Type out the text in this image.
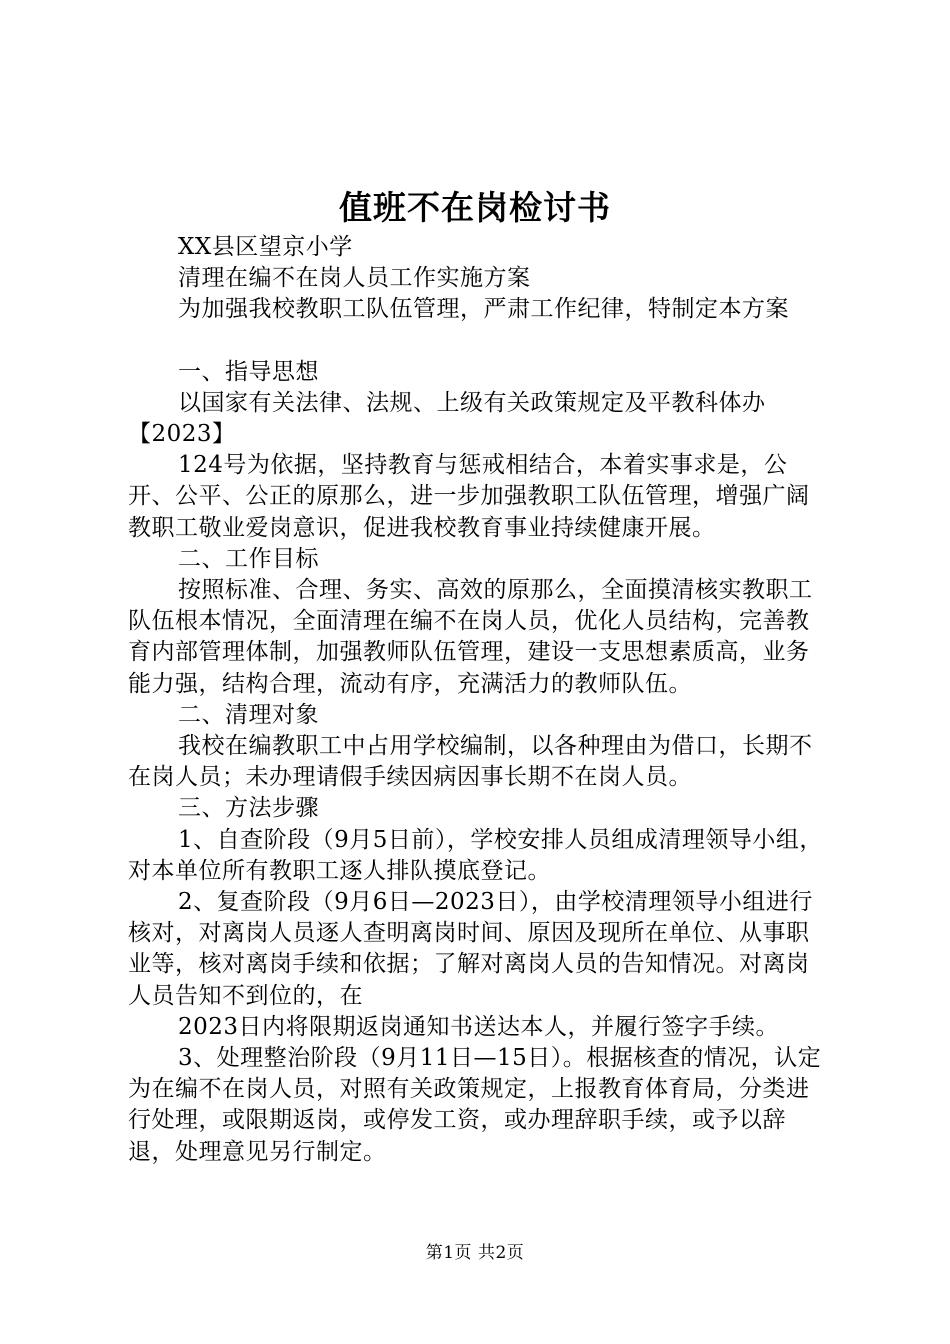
值班不在岗检讨书

XX县区望京小学

清理在编不在岗人员工作实施方案

为加强我校教职工队伍管理，严肃工作纪律，特制定本方案

一、指导思想

以国家有关法律、法规、上级有关政策规定及平教科体办

【2023】

124号为依据，坚持教育与惩戒相结合，本着实事求是，公开、公平、公正的原那么，进一步加强教职工队伍管理，增强广阔教职工敬业爱岗意识，促进我校教育事业持续健康开展。

二、工作目标

按照标准、合理、务实、高效的原那么，全面摸清核实教职工队伍根本情况，全面清理在编不在岗人员，优化人员结构，完善教育内部管理体制，加强教师队伍管理，建设一支思想素质高，业务能力强，结构合理，流动有序，充满活力的教师队伍。

二、清理对象

我校在编教职工中占用学校编制，以各种理由为借口，长期不在岗人员；未办理请假手续因病因事长期不在岗人员。

三、方法步骤

1、自查阶段（9月5日前），学校安排人员组成清理领导小组，对本单位所有教职工逐人排队摸底登记。

2、复查阶段（9月6日—2023日），由学校清理领导小组进行核对，对离岗人员逐人查明离岗时间、原因及现所在单位、从事职业等，核对离岗手续和依据；了解对离岗人员的告知情况。对离岗人员告知不到位的，在

2023日内将限期返岗通知书送达本人，并履行签字手续。

3、处理整治阶段（9月11日—15日）。根据核查的情况，认定为在编不在岗人员，对照有关政策规定，上报教育体育局，分类进行处理，或限期返岗，或停发工资，或办理辞职手续，或予以辞退，处理意见另行制定。

第1页 共2页
